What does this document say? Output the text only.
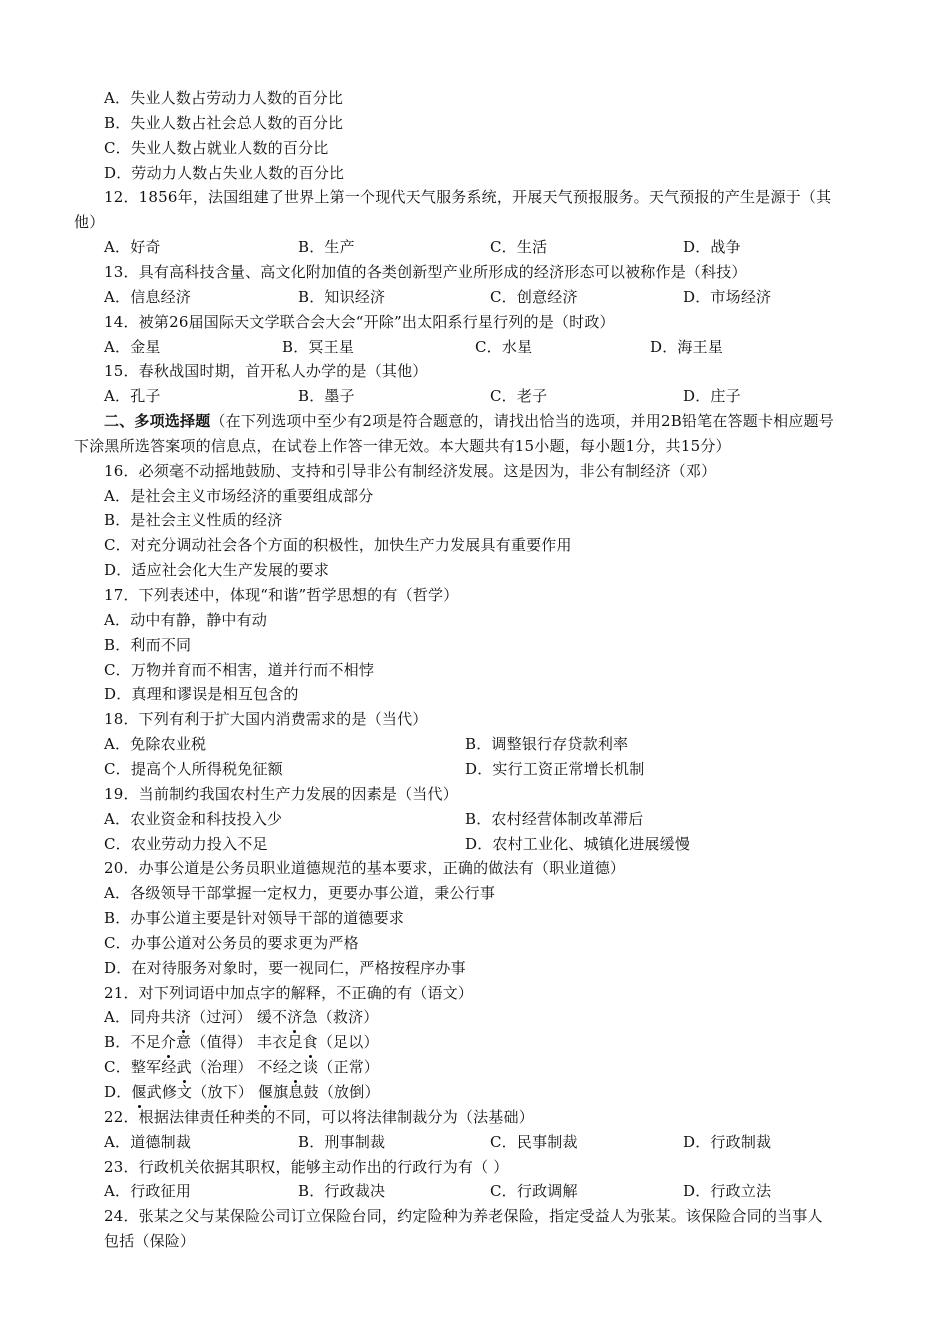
A．失业人数占劳动力人数的百分比
B．失业人数占社会总人数的百分比
C．失业人数占就业人数的百分比
D．劳动力人数占失业人数的百分比
12．1856年，法国组建了世界上第一个现代天气服务系统，开展天气预报服务。天气预报的产生是源于（其
他）
A．好奇	B．生产	C．生活	D．战争
13．具有高科技含量、高文化附加值的各类创新型产业所形成的经济形态可以被称作是（科技）
A．信息经济	B．知识经济	C．创意经济	D．市场经济
14．被第26届国际天文学联合会大会“开除”出太阳系行星行列的是（时政）
A．金星	B．冥王星	C．水星	D．海王星
15．春秋战国时期，首开私人办学的是（其他）
A．孔子	B．墨子	C．老子	D．庄子
二、多项选择题（在下列选项中至少有2项是符合题意的，请找出恰当的选项，并用2B铅笔在答题卡相应题号
下涂黑所选答案项的信息点，在试卷上作答一律无效。本大题共有15小题，每小题1分，共15分）
16．必须毫不动摇地鼓励、支持和引导非公有制经济发展。这是因为，非公有制经济（邓）
A．是社会主义市场经济的重要组成部分
B．是社会主义性质的经济
C．对充分调动社会各个方面的积极性，加快生产力发展具有重要作用
D．适应社会化大生产发展的要求
17．下列表述中，体现“和谐”哲学思想的有（哲学）
A．动中有静，静中有动
B．利而不同
C．万物并育而不相害，道并行而不相悖
D．真理和谬误是相互包含的
18．下列有利于扩大国内消费需求的是（当代）
A．免除农业税	B．调整银行存贷款利率
C．提高个人所得税免征额	D．实行工资正常增长机制
19．当前制约我国农村生产力发展的因素是（当代）
A．农业资金和科技投入少	B．农村经营体制改革滞后
C．农业劳动力投入不足	D．农村工业化、城镇化进展缓慢
20．办事公道是公务员职业道德规范的基本要求，正确的做法有（职业道德）
A．各级领导干部掌握一定权力，更要办事公道，秉公行事
B．办事公道主要是针对领导干部的道德要求
C．办事公道对公务员的要求更为严格
D．在对待服务对象时，要一视同仁，严格按程序办事
21．对下列词语中加点字的解释，不正确的有（语文）
A．同舟共济（过河） 缓不济急（救济）
B．不足介意（值得） 丰衣足食（足以）
C．整军经武（治理） 不经之谈（正常）
D．偃武修文（放下） 偃旗息鼓（放倒）
22．根据法律责任种类的不同，可以将法律制裁分为（法基础）
A．道德制裁	B．刑事制裁	C．民事制裁	D．行政制裁
23．行政机关依据其职权，能够主动作出的行政行为有（ ）
A．行政征用	B．行政裁决	C．行政调解	D．行政立法
24．张某之父与某保险公司订立保险台同，约定险种为养老保险，指定受益人为张某。该保险合同的当事人
包括（保险）
